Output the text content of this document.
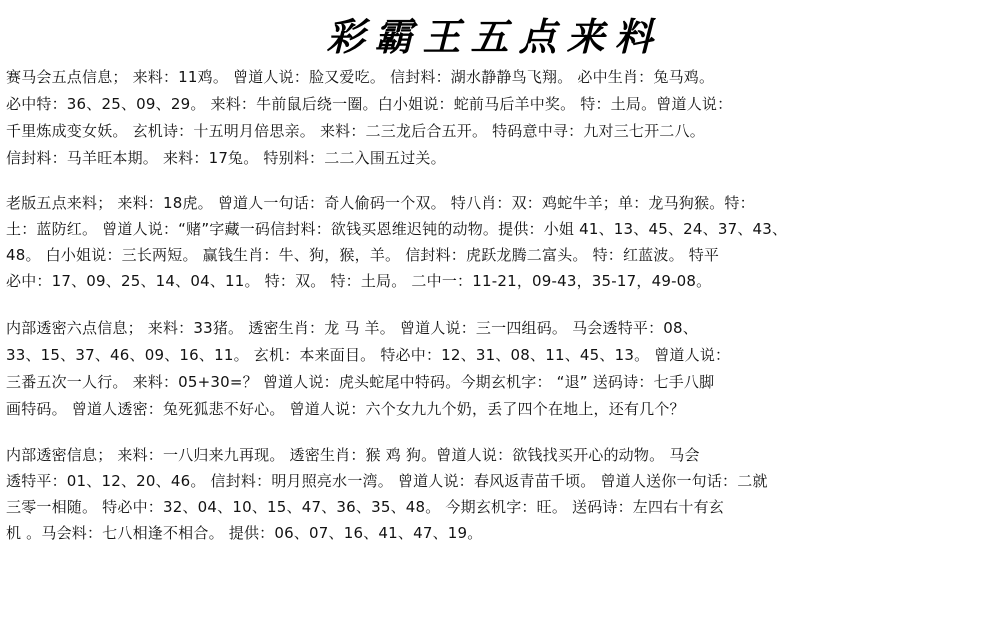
彩霸王五点来料
赛马会五点信息； 来料：11鸡。 曾道人说：脸又爱吃。 信封料：湖水静静鸟飞翔。 必中生肖：兔马鸡。
必中特：36、25、09、29。 来料：牛前鼠后绕一圈。白小姐说：蛇前马后羊中奖。 特：土局。曾道人说：
千里炼成变女妖。 玄机诗：十五明月倍思亲。 来料：二三龙后合五开。 特码意中寻：九对三七开二八。
信封料：马羊旺本期。 来料：17兔。 特别料：二二入围五过关。
老版五点来料； 来料：18虎。 曾道人一句话：奇人偷码一个双。 特八肖：双：鸡蛇牛羊；单：龙马狗猴。特：
土：蓝防红。 曾道人说：“赌”字藏一码信封料：欲钱买恩维迟钝的动物。提供：小姐 41、13、45、24、37、43、
48。 白小姐说：三长两短。 赢钱生肖：牛、狗，猴，羊。 信封料：虎跃龙腾二富头。 特：红蓝波。 特平
必中：17、09、25、14、04、11。 特：双。 特：土局。 二中一：11-21，09-43，35-17，49-08。
内部透密六点信息； 来料：33猪。 透密生肖：龙 马 羊。 曾道人说：三一四组码。 马会透特平：08、
33、15、37、46、09、16、11。 玄机：本来面目。 特必中：12、31、08、11、45、13。 曾道人说：
三番五次一人行。 来料：05+30=？ 曾道人说：虎头蛇尾中特码。今期玄机字： “退” 送码诗：七手八脚
画特码。 曾道人透密：兔死狐悲不好心。 曾道人说：六个女九九个奶，丢了四个在地上，还有几个？
内部透密信息； 来料：一八归来九再现。 透密生肖：猴 鸡 狗。曾道人说：欲钱找买开心的动物。 马会
透特平：01、12、20、46。 信封料：明月照亮水一湾。 曾道人说：春风返青苗千顷。 曾道人送你一句话：二就
三零一相随。 特必中：32、04、10、15、47、36、35、48。 今期玄机字：旺。 送码诗：左四右十有玄
机 。马会料：七八相逢不相合。 提供：06、07、16、41、47、19。
